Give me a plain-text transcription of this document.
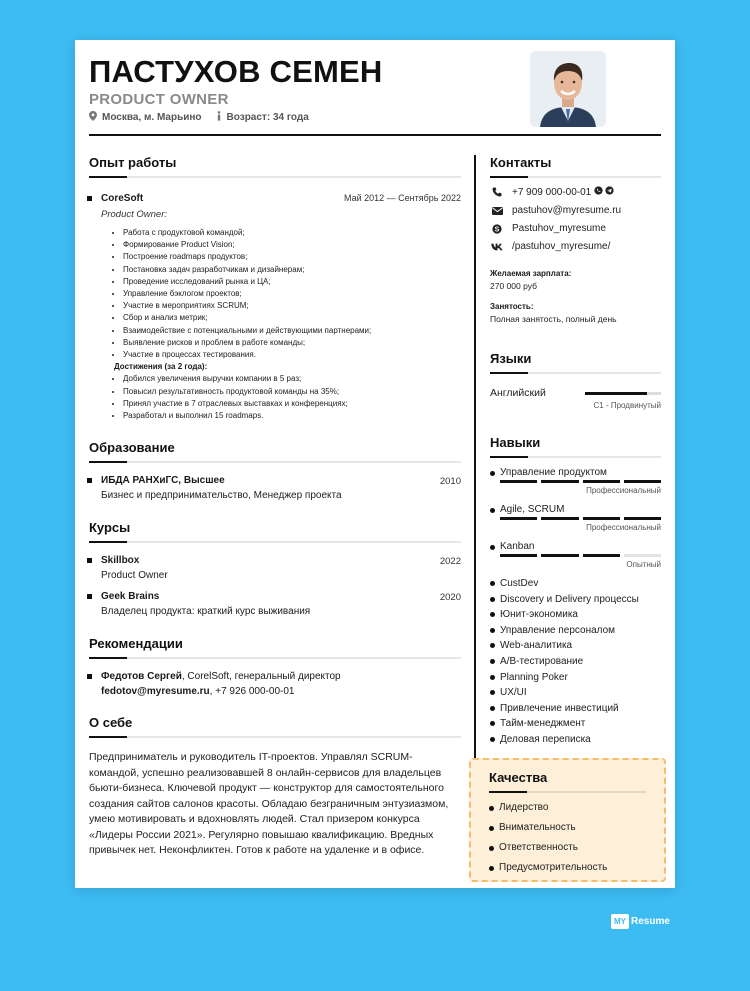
ПАСТУХОВ СЕМЕН
PRODUCT OWNER
Москва, м. Марьино	Возраст: 34 года
Опыт работы
CoreSoft	Май 2012 — Сентябрь 2022
Product Owner:
• Работа с продуктовой командой;
• Формирование Product Vision;
• Построение roadmaps продуктов;
• Постановка задач разработчикам и дизайнерам;
• Проведение исследований рынка и ЦА;
• Управление бэклогом проектов;
• Участие в мероприятиях SCRUM;
• Сбор и анализ метрик;
• Взаимодействие с потенциальными и действующими партнерами;
• Выявление рисков и проблем в работе команды;
• Участие в процессах тестирования.
Достижения (за 2 года):
• Добился увеличения выручки компании в 5 раз;
• Повысил результативность продуктовой команды на 35%;
• Принял участие в 7 отраслевых выставках и конференциях;
• Разработал и выполнил 15 roadmaps.
Образование
ИБДА РАНХиГС, Высшее	2010
Бизнес и предпринимательство, Менеджер проекта
Курсы
Skillbox	2022
Product Owner
Geek Brains	2020
Владелец продукта: краткий курс выживания
Рекомендации
Федотов Сергей, CorelSoft, генеральный директор
fedotov@myresume.ru, +7 926 000-00-01
О себе
Предприниматель и руководитель IT-проектов. Управлял SCRUM-командой, успешно реализовавшей 8 онлайн-сервисов для владельцев бьюти-бизнеса. Ключевой продукт — конструктор для самостоятельного создания сайтов салонов красоты. Обладаю безграничным энтузиазмом, умею мотивировать и вдохновлять людей. Стал призером конкурса «Лидеры России 2021». Регулярно повышаю квалификацию. Вредных привычек нет. Неконфликтен. Готов к работе на удаленке и в офисе.
Контакты
+7 909 000-00-01
pastuhov@myresume.ru
S Pastuhov_myresume
/pastuhov_myresume/
Желаемая зарплата:
270 000 руб
Занятость:
Полная занятость, полный день
Языки
Английский
C1 - Продвинутый
Навыки
Управление продуктом
Профессиональный
Agile, SCRUM
Профессиональный
Kanban
Опытный
CustDev
Discovery и Delivery процессы
Юнит-экономика
Управление персоналом
Web-аналитика
A/B-тестирование
Planning Poker
UX/UI
Привлечение инвестиций
Тайм-менеджмент
Деловая переписка
Качества
Лидерство
Внимательность
Ответственность
Предусмотрительность
MY Resume
